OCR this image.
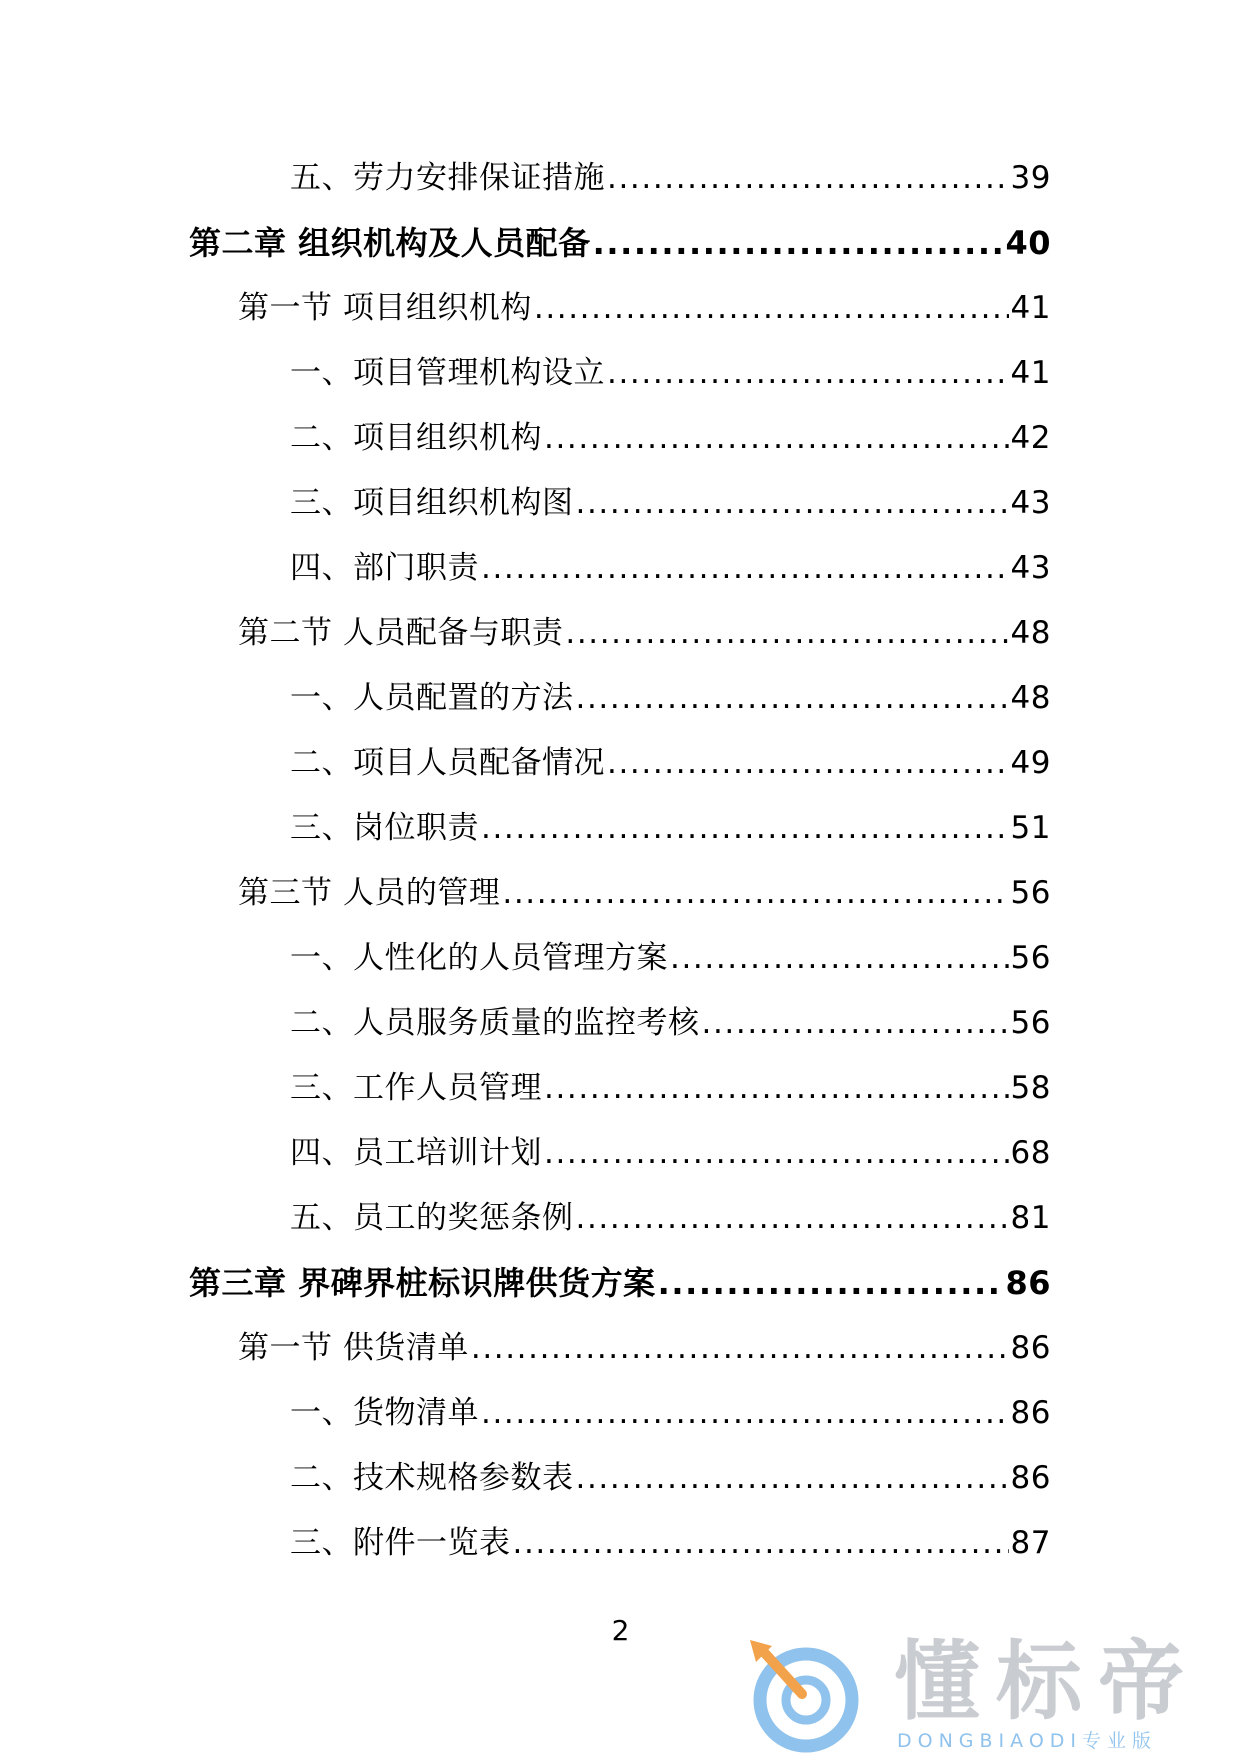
五、劳力安排保证措施 .....	39
第二章 组织机构及人员配备 .....	40
第一节 项目组织机构 .....	41
一、项目管理机构设立 .....	41
二、项目组织机构 .....	42
三、项目组织机构图 .....	43
四、部门职责 .....	43
第二节 人员配备与职责 .....	48
一、人员配置的方法 .....	48
二、项目人员配备情况 .....	49
三、岗位职责 .....	51
第三节 人员的管理 .....	56
一、人性化的人员管理方案 .....	56
二、人员服务质量的监控考核 .....	56
三、工作人员管理 .....	58
四、员工培训计划 .....	68
五、员工的奖惩条例 .....	81
第三章 界碑界桩标识牌供货方案 .....	86
第一节 供货清单 .....	86
一、货物清单 .....	86
二、技术规格参数表 .....	86
三、附件一览表 .....	87
2
懂标帝
DONGBIAODI专业版
